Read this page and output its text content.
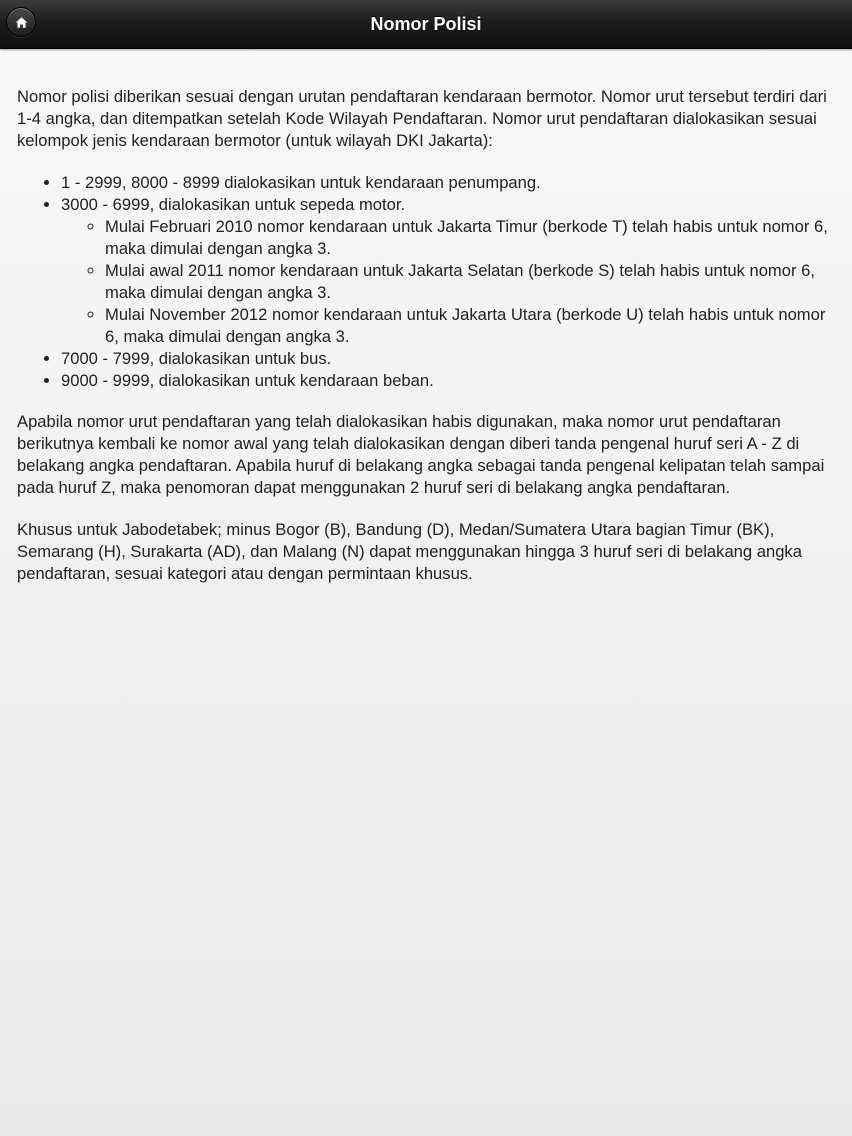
Nomor Polisi

Nomor polisi diberikan sesuai dengan urutan pendaftaran kendaraan bermotor. Nomor urut tersebut terdiri dari 1-4 angka, dan ditempatkan setelah Kode Wilayah Pendaftaran. Nomor urut pendaftaran dialokasikan sesuai kelompok jenis kendaraan bermotor (untuk wilayah DKI Jakarta):

• 1 - 2999, 8000 - 8999 dialokasikan untuk kendaraan penumpang.
• 3000 - 6999, dialokasikan untuk sepeda motor.
◦ Mulai Februari 2010 nomor kendaraan untuk Jakarta Timur (berkode T) telah habis untuk nomor 6, maka dimulai dengan angka 3.
◦ Mulai awal 2011 nomor kendaraan untuk Jakarta Selatan (berkode S) telah habis untuk nomor 6, maka dimulai dengan angka 3.
◦ Mulai November 2012 nomor kendaraan untuk Jakarta Utara (berkode U) telah habis untuk nomor 6, maka dimulai dengan angka 3.
• 7000 - 7999, dialokasikan untuk bus.
• 9000 - 9999, dialokasikan untuk kendaraan beban.

Apabila nomor urut pendaftaran yang telah dialokasikan habis digunakan, maka nomor urut pendaftaran berikutnya kembali ke nomor awal yang telah dialokasikan dengan diberi tanda pengenal huruf seri A - Z di belakang angka pendaftaran. Apabila huruf di belakang angka sebagai tanda pengenal kelipatan telah sampai pada huruf Z, maka penomoran dapat menggunakan 2 huruf seri di belakang angka pendaftaran.

Khusus untuk Jabodetabek; minus Bogor (B), Bandung (D), Medan/Sumatera Utara bagian Timur (BK), Semarang (H), Surakarta (AD), dan Malang (N) dapat menggunakan hingga 3 huruf seri di belakang angka pendaftaran, sesuai kategori atau dengan permintaan khusus.
